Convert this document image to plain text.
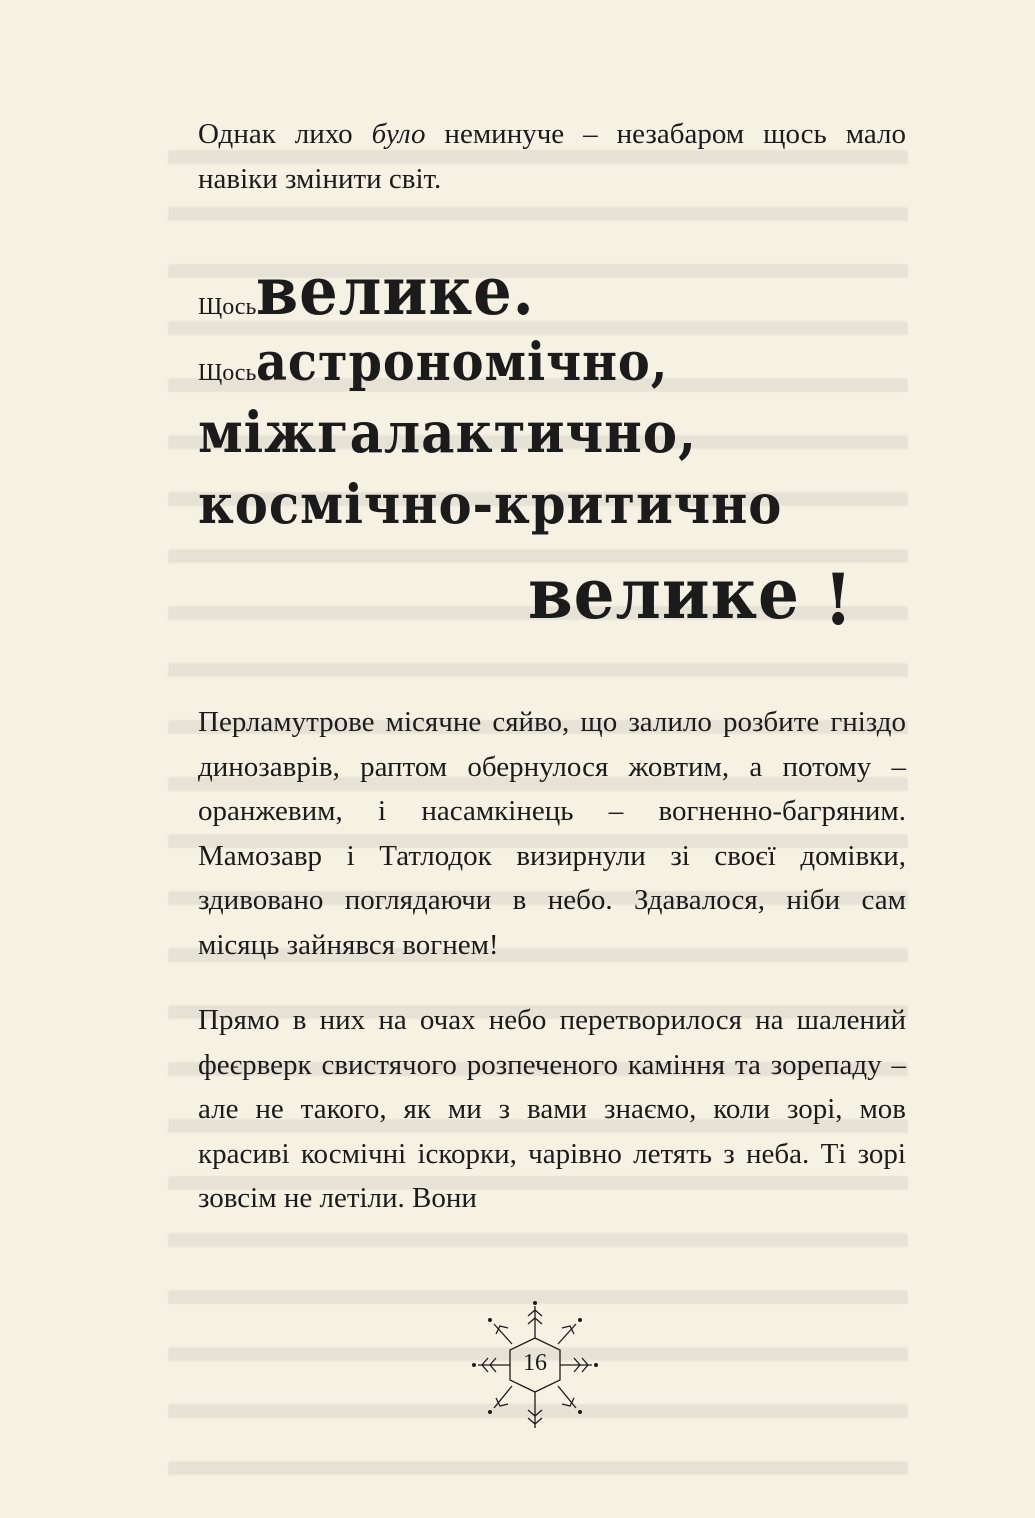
Однак лихо було неминуче – незабаром щось мало навіки змінити світ.

Щосьвелике.
Щосьастрономічно,
міжгалактично,
космічно-критично
велике !

Перламутрове місячне сяйво, що залило розбите гніздо динозаврів, раптом обернулося жовтим, а потому – оранжевим, і насамкінець – вогненно-багряним. Мамозавр і Татлодок визирнули зі своєї домівки, здивовано поглядаючи в небо. Здавалося, ніби сам місяць зайнявся вогнем!

Прямо в них на очах небо перетворилося на шалений феєрверк свистячого розпеченого каміння та зорепаду – але не такого, як ми з вами знаємо, коли зорі, мов красиві космічні іскорки, чарівно летять з неба. Ті зорі зовсім не летіли. Вони

16
